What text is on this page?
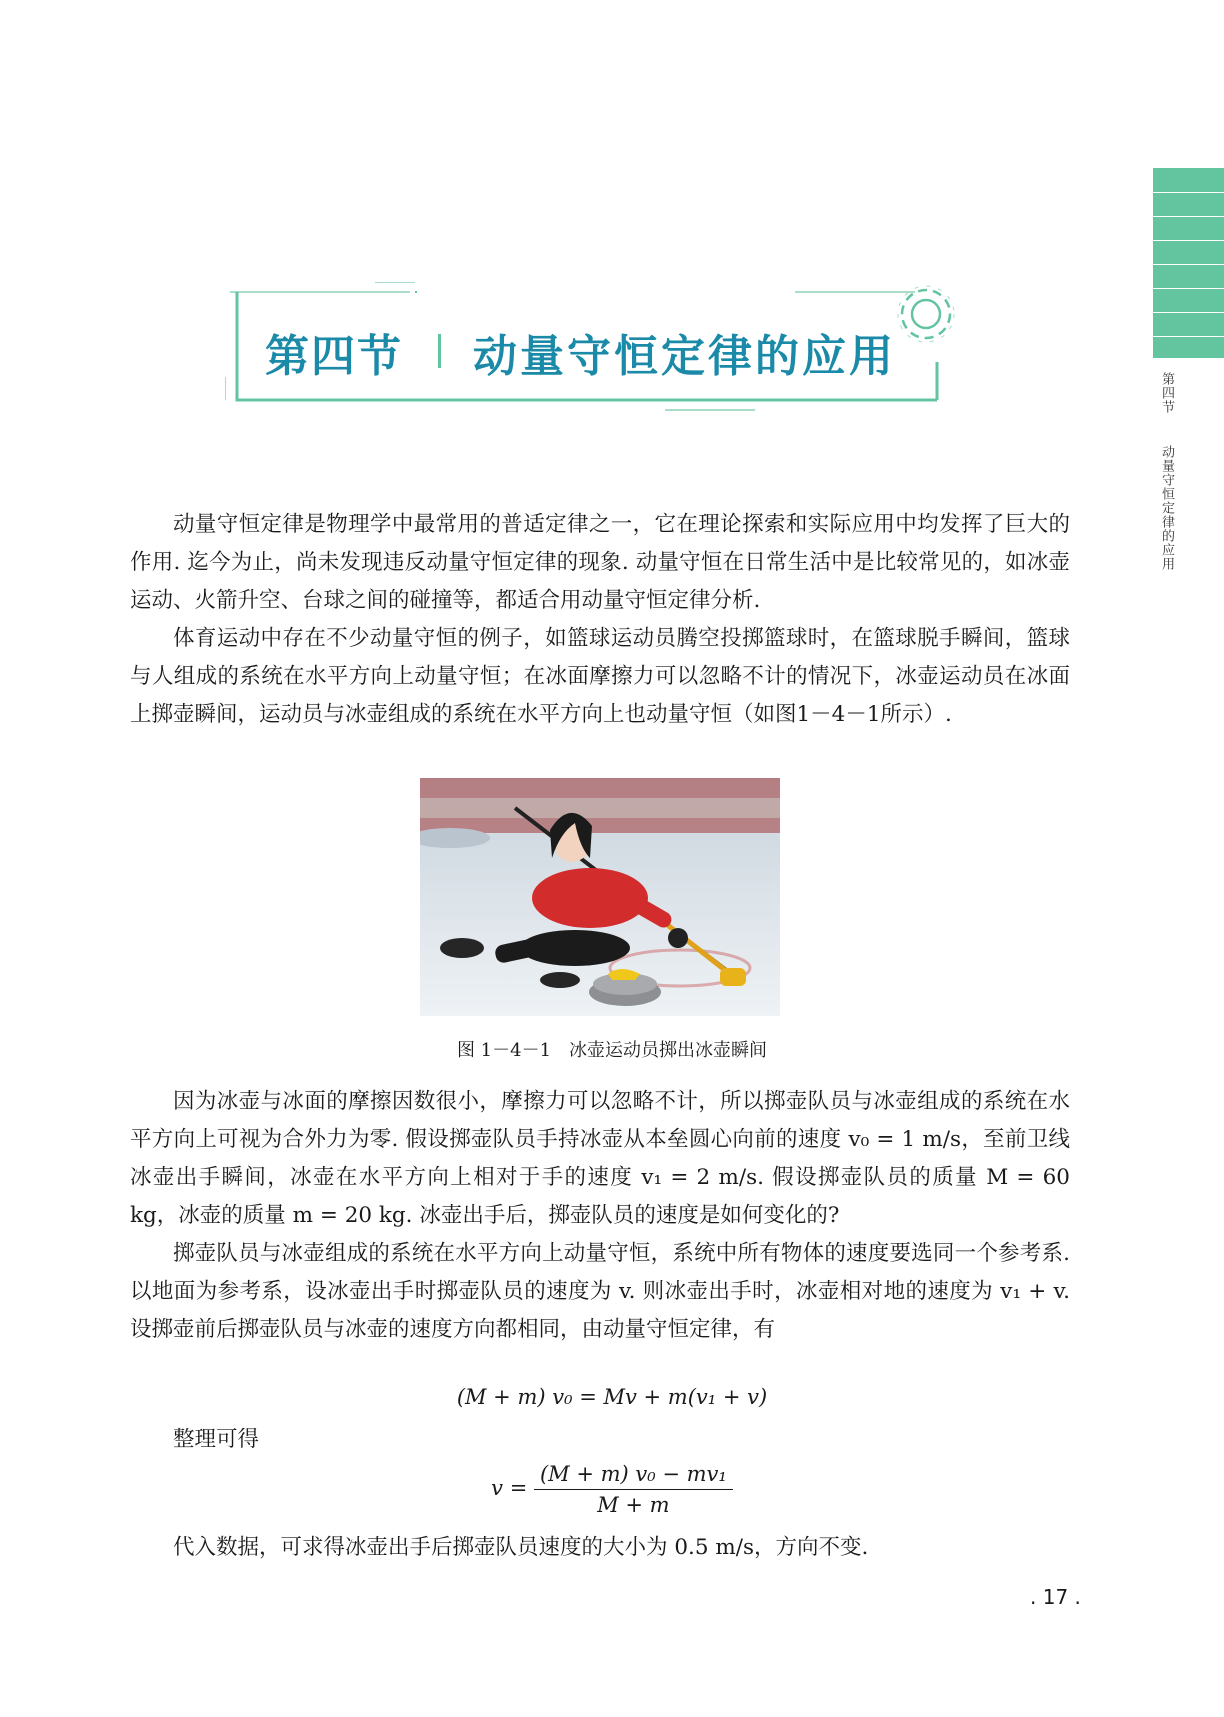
第四节 动量守恒定律的应用
第四节 动量守恒定律的应用

动量守恒定律是物理学中最常用的普适定律之一，它在理论探索和实际应用中均发挥了巨大的作用. 迄今为止，尚未发现违反动量守恒定律的现象. 动量守恒在日常生活中是比较常见的，如冰壶运动、火箭升空、台球之间的碰撞等，都适合用动量守恒定律分析.

体育运动中存在不少动量守恒的例子，如篮球运动员腾空投掷篮球时，在篮球脱手瞬间，篮球与人组成的系统在水平方向上动量守恒；在冰面摩擦力可以忽略不计的情况下，冰壶运动员在冰面上掷壶瞬间，运动员与冰壶组成的系统在水平方向上也动量守恒（如图1－4－1所示）.

图 1－4－1　冰壶运动员掷出冰壶瞬间

因为冰壶与冰面的摩擦因数很小，摩擦力可以忽略不计，所以掷壶队员与冰壶组成的系统在水平方向上可视为合外力为零. 假设掷壶队员手持冰壶从本垒圆心向前的速度 v₀ = 1 m/s，至前卫线冰壶出手瞬间，冰壶在水平方向上相对于手的速度 v₁ = 2 m/s. 假设掷壶队员的质量 M = 60 kg，冰壶的质量 m = 20 kg. 冰壶出手后，掷壶队员的速度是如何变化的?

掷壶队员与冰壶组成的系统在水平方向上动量守恒，系统中所有物体的速度要选同一个参考系. 以地面为参考系，设冰壶出手时掷壶队员的速度为 v. 则冰壶出手时，冰壶相对地的速度为 v₁ + v. 设掷壶前后掷壶队员与冰壶的速度方向都相同，由动量守恒定律，有

(M + m) v₀ = Mv + m(v₁ + v)

整理可得

$v = \frac{\text{(M + m) v₀ − mv₁}}{M + m}$

代入数据，可求得冰壶出手后掷壶队员速度的大小为 0.5 m/s，方向不变.

. 17 .
